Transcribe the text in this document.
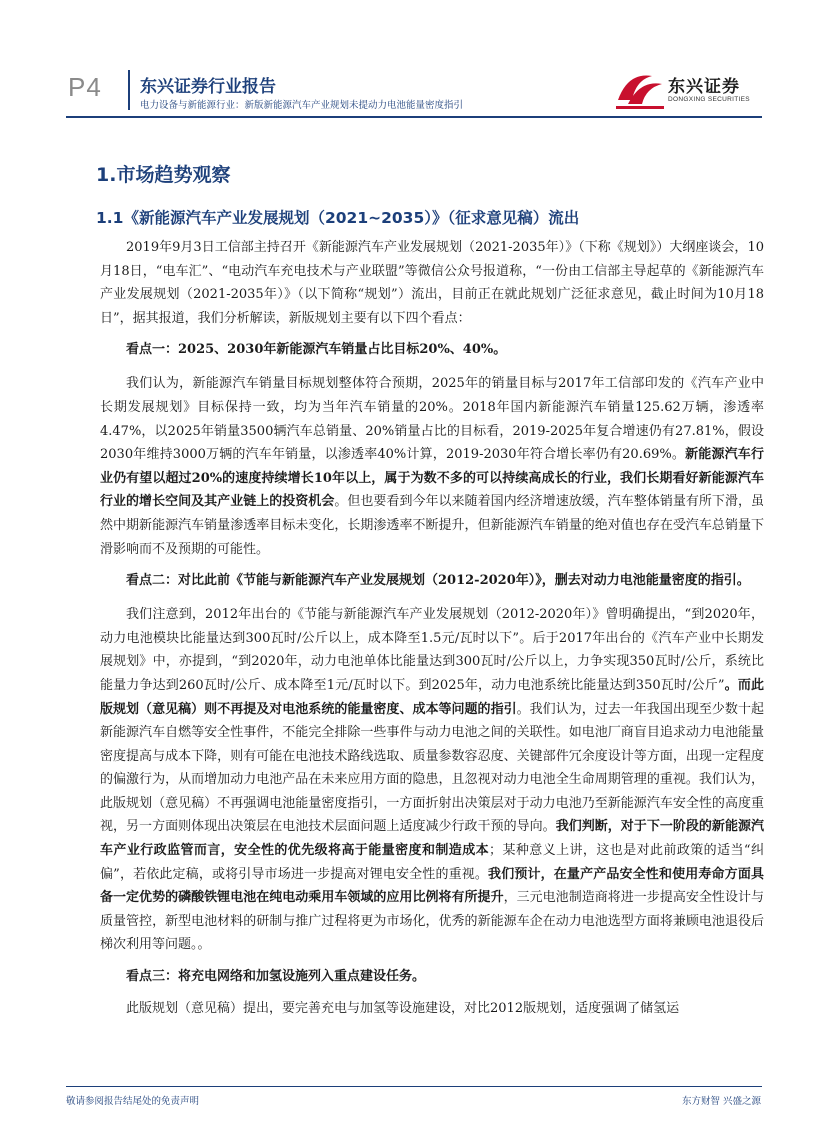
P4 东兴证券行业报告
电力设备与新能源行业：新版新能源汽车产业规划未提动力电池能量密度指引
东兴证券
DONGXING SECURITIES
1.市场趋势观察
1.1《新能源汽车产业发展规划（2021~2035）》（征求意见稿）流出

2019年9月3日工信部主持召开《新能源汽车产业发展规划（2021-2035年）》（下称《规划》）大纲座谈会，10月18日，“电车汇”、“电动汽车充电技术与产业联盟”等微信公众号报道称，“一份由工信部主导起草的《新能源汽车产业发展规划（2021-2035年）》（以下简称“规划”）流出，目前正在就此规划广泛征求意见，截止时间为10月18日”，据其报道，我们分析解读，新版规划主要有以下四个看点：

看点一：2025、2030年新能源汽车销量占比目标20%、40%。

我们认为，新能源汽车销量目标规划整体符合预期，2025年的销量目标与2017年工信部印发的《汽车产业中长期发展规划》目标保持一致，均为当年汽车销量的20%。2018年国内新能源汽车销量125.62万辆，渗透率4.47%，以2025年销量3500辆汽车总销量、20%销量占比的目标看，2019-2025年复合增速仍有27.81%，假设2030年维持3000万辆的汽车年销量，以渗透率40%计算，2019-2030年符合增长率仍有20.69%。新能源汽车行业仍有望以超过20%的速度持续增长10年以上，属于为数不多的可以持续高成长的行业，我们长期看好新能源汽车行业的增长空间及其产业链上的投资机会。但也要看到今年以来随着国内经济增速放缓，汽车整体销量有所下滑，虽然中期新能源汽车销量渗透率目标未变化，长期渗透率不断提升，但新能源汽车销量的绝对值也存在受汽车总销量下滑影响而不及预期的可能性。

看点二：对比此前《节能与新能源汽车产业发展规划（2012-2020年）》，删去对动力电池能量密度的指引。

我们注意到，2012年出台的《节能与新能源汽车产业发展规划（2012-2020年）》曾明确提出，“到2020年，动力电池模块比能量达到300瓦时/公斤以上，成本降至1.5元/瓦时以下”。后于2017年出台的《汽车产业中长期发展规划》中，亦提到，“到2020年，动力电池单体比能量达到300瓦时/公斤以上，力争实现350瓦时/公斤，系统比能量力争达到260瓦时/公斤、成本降至1元/瓦时以下。到2025年，动力电池系统比能量达到350瓦时/公斤”。而此版规划（意见稿）则不再提及对电池系统的能量密度、成本等问题的指引。我们认为，过去一年我国出现至少数十起新能源汽车自燃等安全性事件，不能完全排除一些事件与动力电池之间的关联性。如电池厂商盲目追求动力电池能量密度提高与成本下降，则有可能在电池技术路线选取、质量参数容忍度、关键部件冗余度设计等方面，出现一定程度的偏激行为，从而增加动力电池产品在未来应用方面的隐患，且忽视对动力电池全生命周期管理的重视。我们认为，此版规划（意见稿）不再强调电池能量密度指引，一方面折射出决策层对于动力电池乃至新能源汽车安全性的高度重视，另一方面则体现出决策层在电池技术层面问题上适度减少行政干预的导向。我们判断，对于下一阶段的新能源汽车产业行政监管而言，安全性的优先级将高于能量密度和制造成本；某种意义上讲，这也是对此前政策的适当“纠偏”，若依此定稿，或将引导市场进一步提高对锂电安全性的重视。我们预计，在量产产品安全性和使用寿命方面具备一定优势的磷酸铁锂电池在纯电动乘用车领域的应用比例将有所提升，三元电池制造商将进一步提高安全性设计与质量管控，新型电池材料的研制与推广过程将更为市场化，优秀的新能源车企在动力电池选型方面将兼顾电池退役后梯次利用等问题。。

看点三：将充电网络和加氢设施列入重点建设任务。

此版规划（意见稿）提出，要完善充电与加氢等设施建设，对比2012版规划，适度强调了储氢运

敬请参阅报告结尾处的免责声明	东方财智 兴盛之源
